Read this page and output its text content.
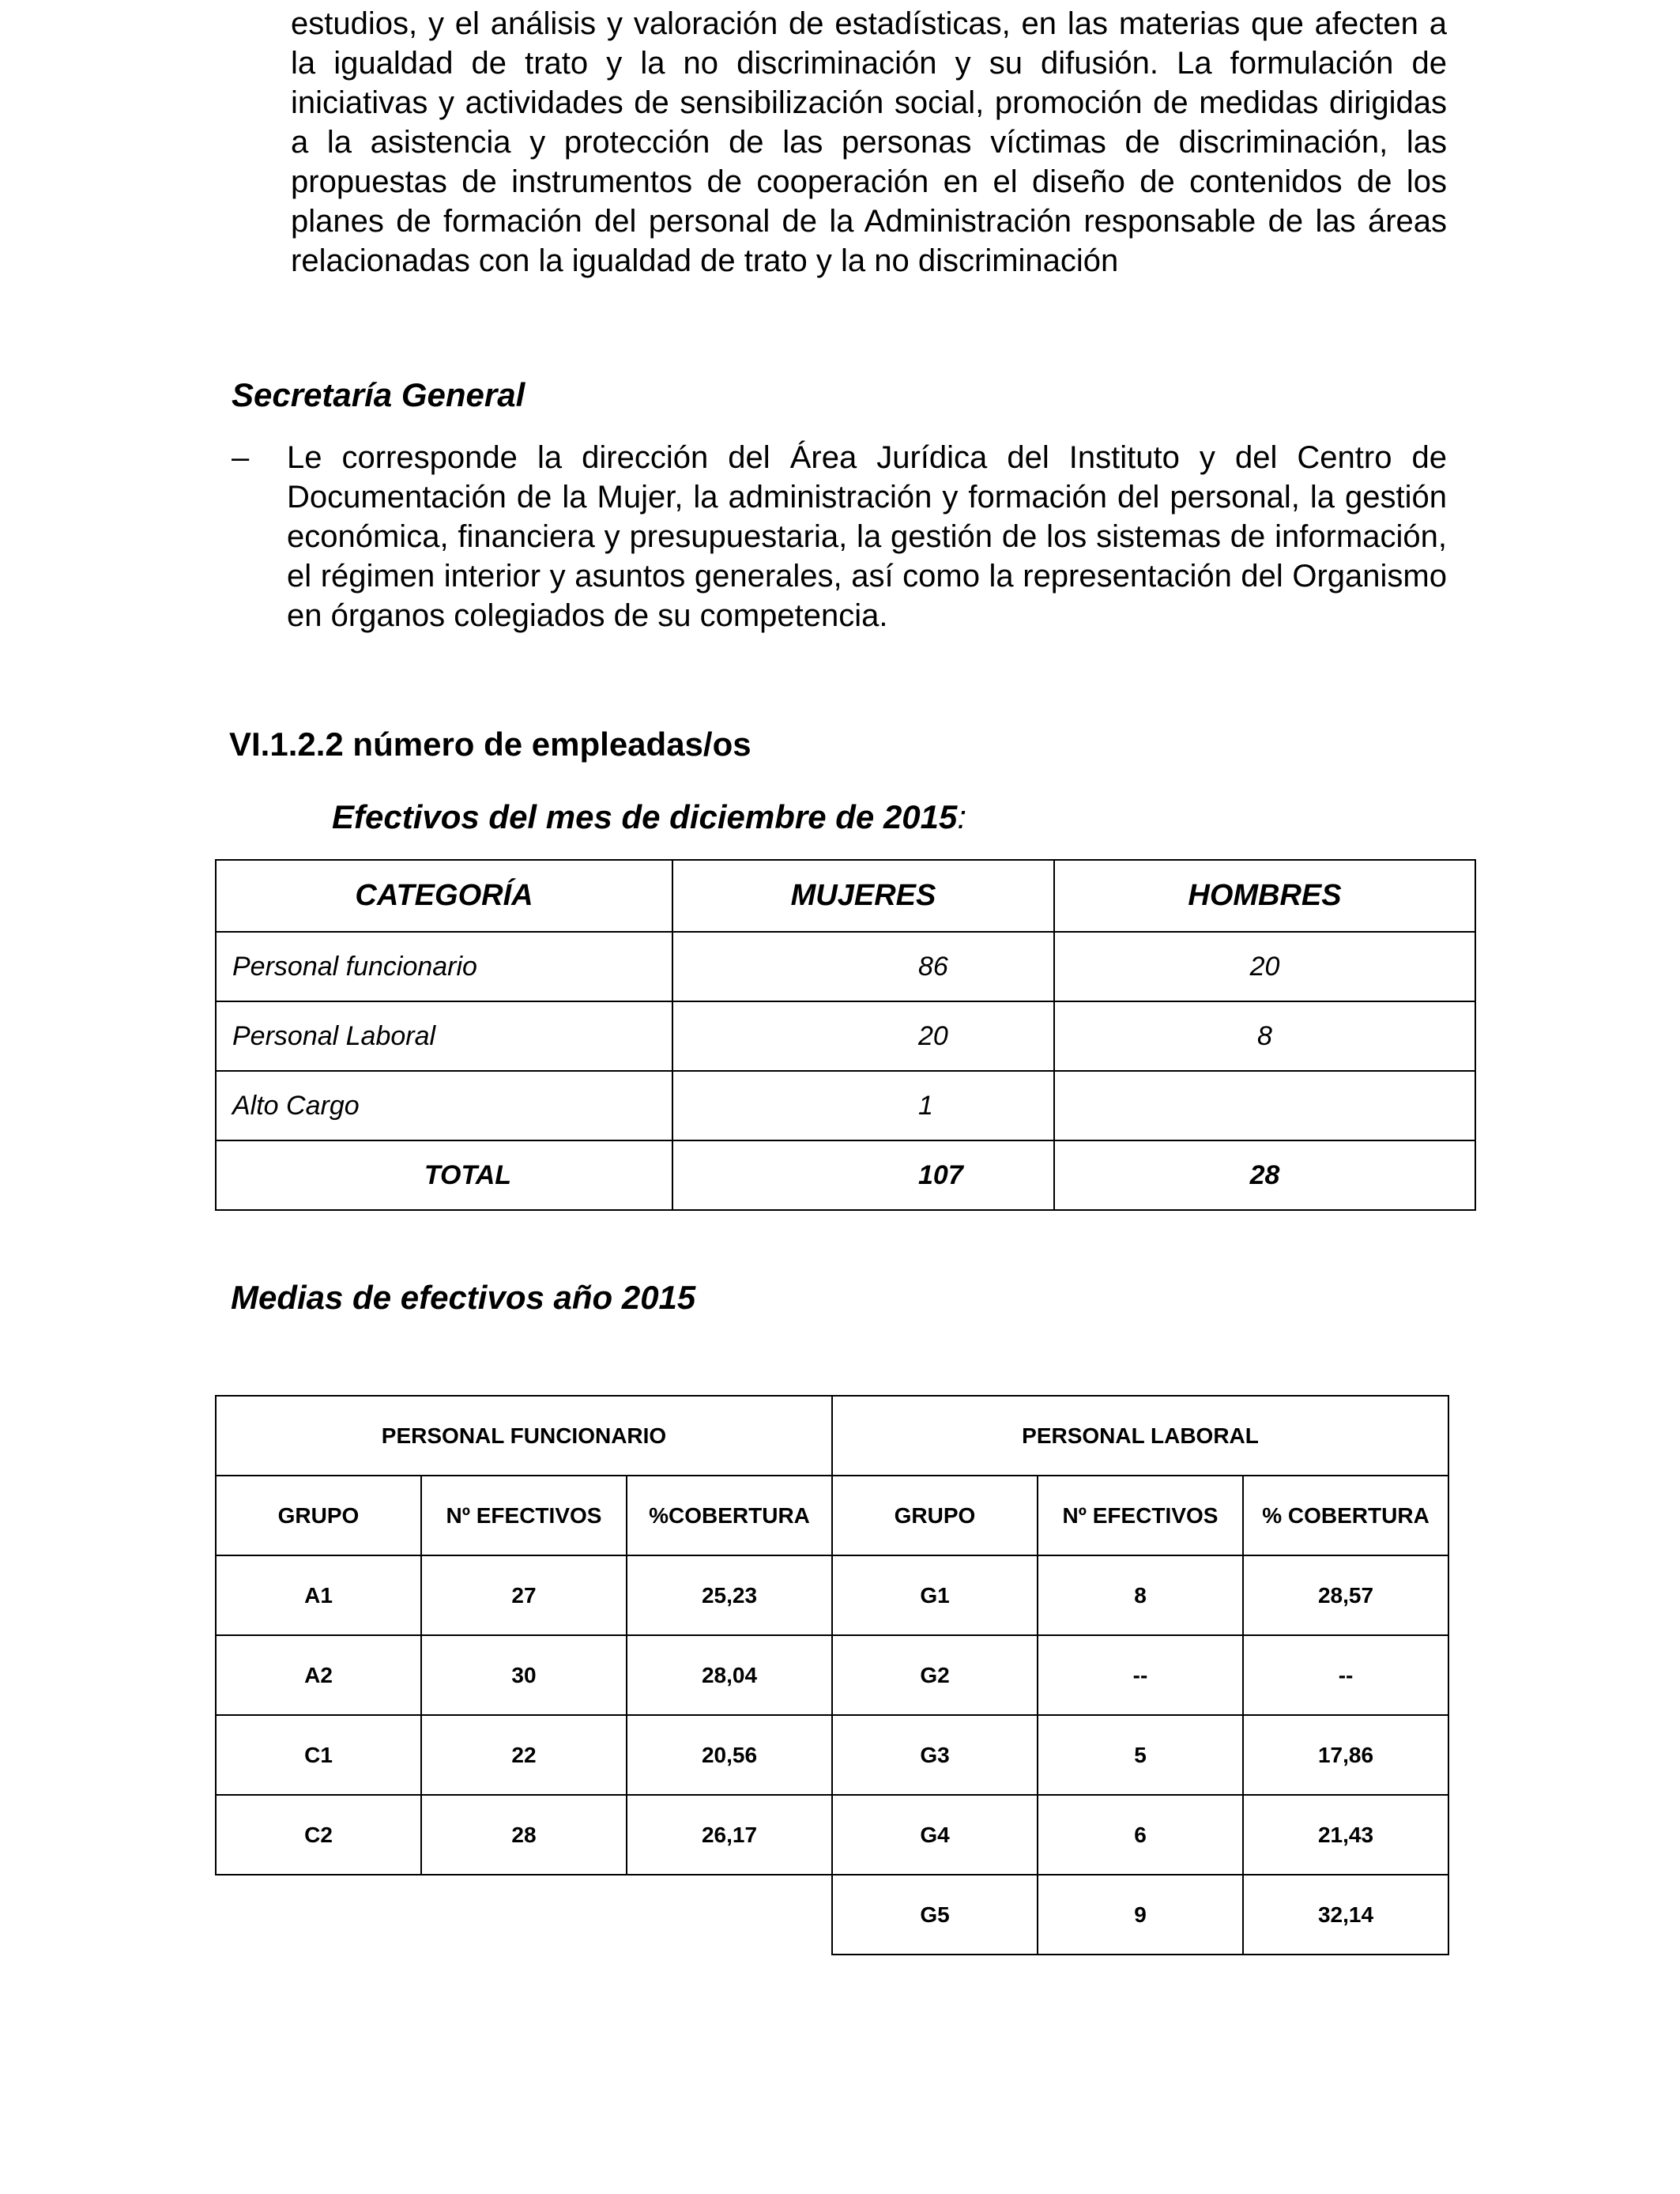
estudios, y el análisis y valoración de estadísticas, en las materias que afecten a la igualdad de trato y la no discriminación y su difusión. La formulación de iniciativas y actividades de sensibilización social, promoción de medidas dirigidas a la asistencia y protección de las personas víctimas de discriminación, las propuestas de instrumentos de cooperación en el diseño de contenidos de los planes de formación del personal de la Administración responsable de las áreas relacionadas con la igualdad de trato y la no discriminación
Secretaría General
–	Le corresponde la dirección del Área Jurídica del Instituto y del Centro de Documentación de la Mujer, la administración y formación del personal, la gestión económica, financiera y presupuestaria, la gestión de los sistemas de información, el régimen interior y asuntos generales, así como la representación del Organismo en órganos colegiados de su competencia.
VI.1.2.2 número de empleadas/os
Efectivos del mes de diciembre de 2015:
CATEGORÍA	MUJERES	HOMBRES
Personal funcionario	86	20
Personal Laboral	20	8
Alto Cargo	1	
TOTAL	107	28
Medias de efectivos año 2015
PERSONAL FUNCIONARIO			PERSONAL LABORAL		
GRUPO	Nº EFECTIVOS	%COBERTURA	GRUPO	Nº EFECTIVOS	% COBERTURA
A1	27	25,23	G1	8	28,57
A2	30	28,04	G2	--	--
C1	22	20,56	G3	5	17,86
C2	28	26,17	G4	6	21,43
			G5	9	32,14
